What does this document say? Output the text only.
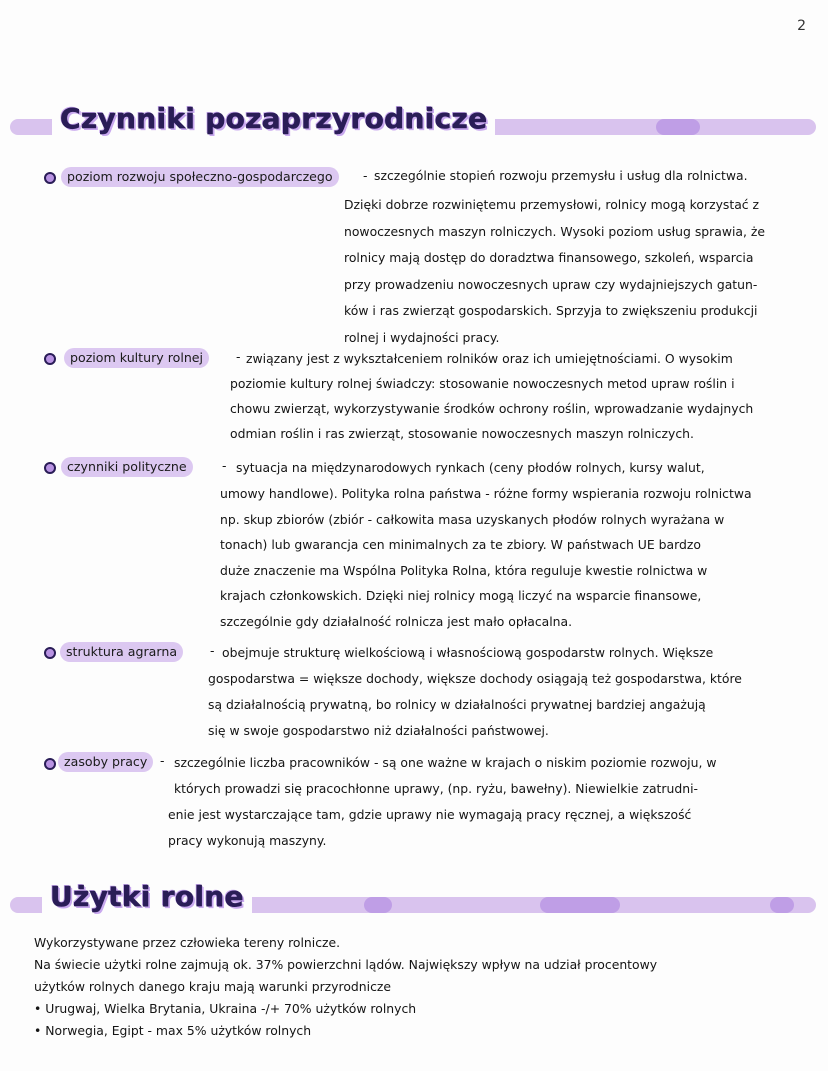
2
Czynniki pozaprzyrodnicze
poziom rozwoju społeczno-gospodarczego	- szczególnie stopień rozwoju przemysłu i usług dla rolnictwa.
Dzięki dobrze rozwiniętemu przemysłowi, rolnicy mogą korzystać z
nowoczesnych maszyn rolniczych. Wysoki poziom usług sprawia, że
rolnicy mają dostęp do doradztwa finansowego, szkoleń, wsparcia
przy prowadzeniu nowoczesnych upraw czy wydajniejszych gatun-
ków i ras zwierząt gospodarskich. Sprzyja to zwiększeniu produkcji
rolnej i wydajności pracy.
poziom kultury rolnej	- związany jest z wykształceniem rolników oraz ich umiejętnościami. O wysokim
poziomie kultury rolnej świadczy: stosowanie nowoczesnych metod upraw roślin i
chowu zwierząt, wykorzystywanie środków ochrony roślin, wprowadzanie wydajnych
odmian roślin i ras zwierząt, stosowanie nowoczesnych maszyn rolniczych.
czynniki polityczne	- sytuacja na międzynarodowych rynkach (ceny płodów rolnych, kursy walut,
umowy handlowe). Polityka rolna państwa - różne formy wspierania rozwoju rolnictwa
np. skup zbiorów (zbiór - całkowita masa uzyskanych płodów rolnych wyrażana w
tonach) lub gwarancja cen minimalnych za te zbiory. W państwach UE bardzo
duże znaczenie ma Wspólna Polityka Rolna, która reguluje kwestie rolnictwa w
krajach członkowskich. Dzięki niej rolnicy mogą liczyć na wsparcie finansowe,
szczególnie gdy działalność rolnicza jest mało opłacalna.
struktura agrarna	- obejmuje strukturę wielkościową i własnościową gospodarstw rolnych. Większe
gospodarstwa = większe dochody, większe dochody osiągają też gospodarstwa, które
są działalnością prywatną, bo rolnicy w działalności prywatnej bardziej angażują
się w swoje gospodarstwo niż działalności państwowej.
zasoby pracy	- szczególnie liczba pracowników - są one ważne w krajach o niskim poziomie rozwoju, w
których prowadzi się pracochłonne uprawy, (np. ryżu, bawełny). Niewielkie zatrudni-
enie jest wystarczające tam, gdzie uprawy nie wymagają pracy ręcznej, a większość
pracy wykonują maszyny.
Użytki rolne
Wykorzystywane przez człowieka tereny rolnicze.
Na świecie użytki rolne zajmują ok. 37% powierzchni lądów. Największy wpływ na udział procentowy
użytków rolnych danego kraju mają warunki przyrodnicze
• Urugwaj, Wielka Brytania, Ukraina -/+ 70% użytków rolnych
• Norwegia, Egipt - max 5% użytków rolnych
